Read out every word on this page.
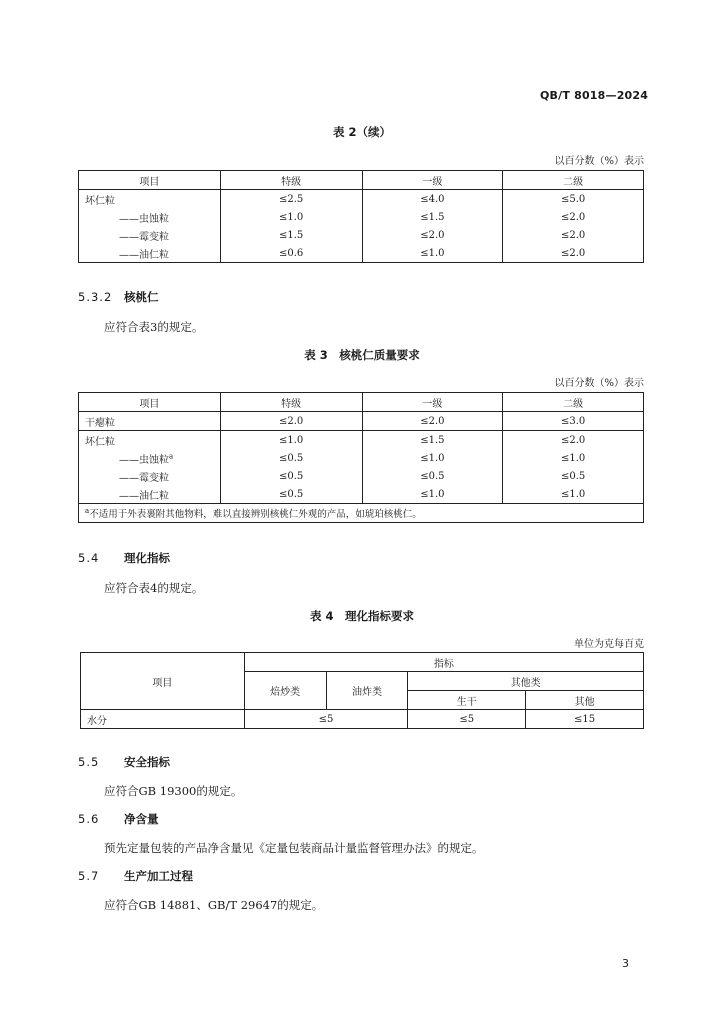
QB/T 8018—2024
表 2（续）
以百分数（%）表示
项目	特级	一级	二级
坏仁粒	≤2.5	≤4.0	≤5.0
——虫蚀粒	≤1.0	≤1.5	≤2.0
——霉变粒	≤1.5	≤2.0	≤2.0
——油仁粒	≤0.6	≤1.0	≤2.0
5.3.2 核桃仁
应符合表3的规定。
表 3　核桃仁质量要求
以百分数（%）表示
项目	特级	一级	二级
干瘪粒	≤2.0	≤2.0	≤3.0
坏仁粒	≤1.0	≤1.5	≤2.0
——虫蚀粒$^a$	≤0.5	≤1.0	≤1.0
——霉变粒	≤0.5	≤0.5	≤0.5
——油仁粒	≤0.5	≤1.0	≤1.0
$^a$不适用于外表裹附其他物料，难以直接辨别核桃仁外观的产品，如琥珀核桃仁。			
5.4 理化指标
应符合表4的规定。
表 4　理化指标要求
单位为克每百克
项目	指标			
	焙炒类	油炸类	其他类	
			生干	其他
水分	≤5		≤5	≤15
5.5 安全指标
应符合GB 19300的规定。
5.6 净含量
预先定量包装的产品净含量见《定量包装商品计量监督管理办法》的规定。
5.7 生产加工过程
应符合GB 14881、GB/T 29647的规定。
3
